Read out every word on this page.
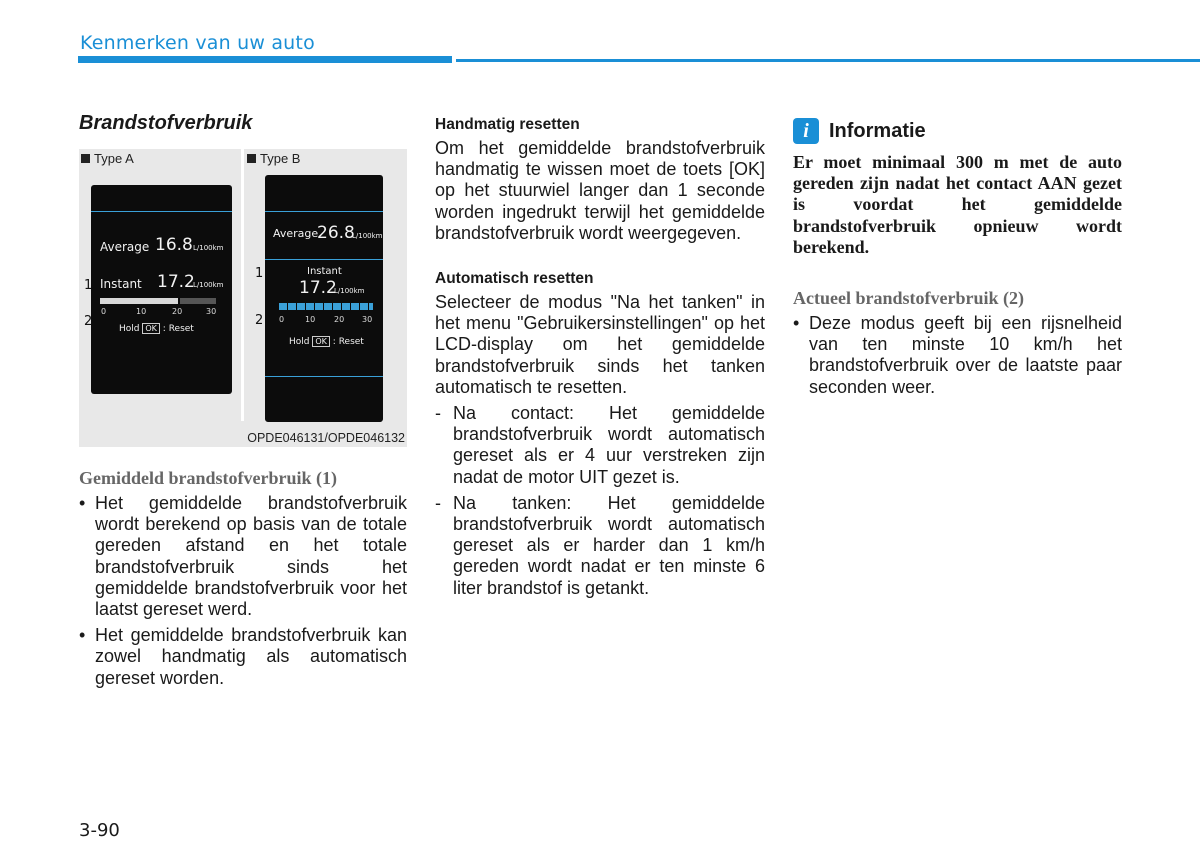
Kenmerken van uw auto
Brandstofverbruik
Type A	Type B
Average 16.8 L/100km
Instant 17.2
L/100km
0	10	20	30
Hold OK : Reset
1
2
Average
26.8
L/100km
Instant
17.2
L/100km
0	10 20 30
Hold OK : Reset
1
2
OPDE046131/OPDE046132
Gemiddeld brandstofverbruik (1)
• Het gemiddelde brandstofverbruik wordt berekend op basis van de totale gereden afstand en het totale brandstofverbruik sinds het gemiddelde brandstofverbruik voor het laatst gereset werd.
• Het gemiddelde brandstofverbruik kan zowel handmatig als automatisch gereset worden.
Handmatig resetten
Om het gemiddelde brandstofverbruik handmatig te wissen moet de toets [OK] op het stuurwiel langer dan 1 seconde worden ingedrukt terwijl het gemiddelde brandstofverbruik wordt weergegeven.
Automatisch resetten
Selecteer de modus "Na het tanken" in het menu "Gebruikersinstellingen" op het LCD-display om het gemiddelde brandstofverbruik sinds het tanken automatisch te resetten.
- Na contact: Het gemiddelde brandstofverbruik wordt automatisch gereset als er 4 uur verstreken zijn nadat de motor UIT gezet is.
- Na tanken: Het gemiddelde brandstofverbruik wordt automatisch gereset als er harder dan 1 km/h gereden wordt nadat er ten minste 6 liter brandstof is getankt.
i	Informatie
Er moet minimaal 300 m met de auto gereden zijn nadat het contact AAN gezet is voordat het gemiddelde brandstofverbruik opnieuw wordt berekend.
Actueel brandstofverbruik (2)
• Deze modus geeft bij een rijsnelheid van ten minste 10 km/h het brandstofverbruik over de laatste paar seconden weer.
3-90
